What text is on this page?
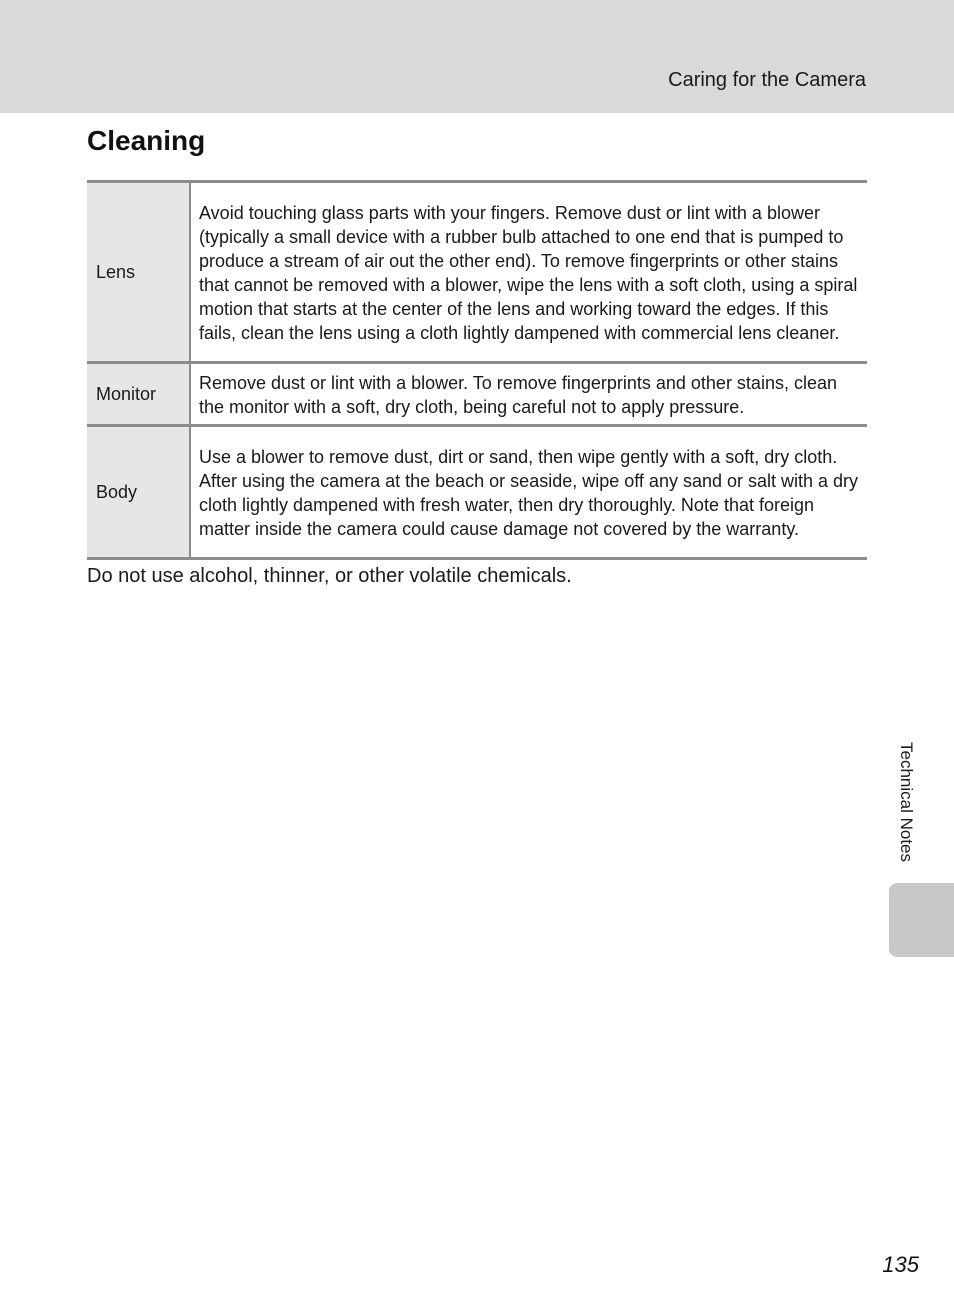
Caring for the Camera
Cleaning
Lens	Avoid touching glass parts with your fingers. Remove dust or lint with a blower (typically a small device with a rubber bulb attached to one end that is pumped to produce a stream of air out the other end). To remove fingerprints or other stains that cannot be removed with a blower, wipe the lens with a soft cloth, using a spiral motion that starts at the center of the lens and working toward the edges. If this fails, clean the lens using a cloth lightly dampened with commercial lens cleaner.
Monitor	Remove dust or lint with a blower. To remove fingerprints and other stains, clean the monitor with a soft, dry cloth, being careful not to apply pressure.
Body	Use a blower to remove dust, dirt or sand, then wipe gently with a soft, dry cloth. After using the camera at the beach or seaside, wipe off any sand or salt with a dry cloth lightly dampened with fresh water, then dry thoroughly. Note that foreign matter inside the camera could cause damage not covered by the warranty.

Do not use alcohol, thinner, or other volatile chemicals.

Technical Notes
135
